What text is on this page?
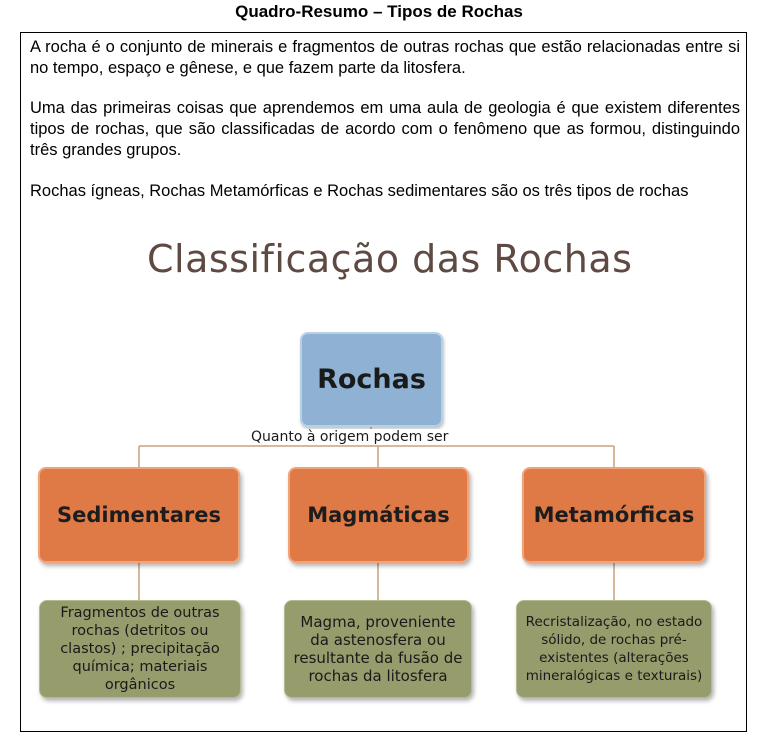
Quadro-Resumo – Tipos de Rochas
A rocha é o conjunto de minerais e fragmentos de outras rochas que estão relacionadas entre si no tempo, espaço e gênese, e que fazem parte da litosfera.
Uma das primeiras coisas que aprendemos em uma aula de geologia é que existem diferentes tipos de rochas, que são classificadas de acordo com o fenômeno que as formou, distinguindo três grandes grupos.
Rochas ígneas, Rochas Metamórficas e Rochas sedimentares são os três tipos de rochas
Classificação das Rochas
Rochas
Quanto à origem podem ser
Sedimentares	Magmáticas	Metamórficas
Fragmentos de outras rochas (detritos ou clastos) ; precipitação química; materiais orgânicos
Magma, proveniente da astenosfera ou resultante da fusão de rochas da litosfera
Recristalização, no estado sólido, de rochas pré-existentes (alterações mineralógicas e texturais)
